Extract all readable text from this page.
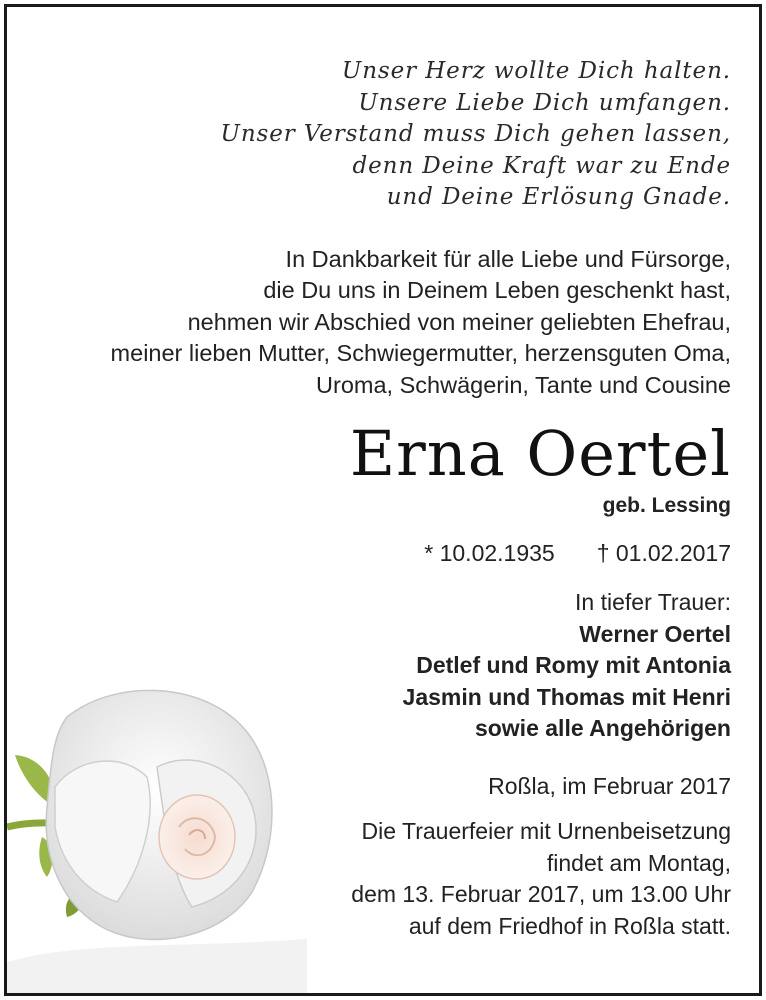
Unser Herz wollte Dich halten.
Unsere Liebe Dich umfangen.
Unser Verstand muss Dich gehen lassen,
denn Deine Kraft war zu Ende
und Deine Erlösung Gnade.
In Dankbarkeit für alle Liebe und Fürsorge,
die Du uns in Deinem Leben geschenkt hast,
nehmen wir Abschied von meiner geliebten Ehefrau,
meiner lieben Mutter, Schwiegermutter, herzensguten Oma,
Uroma, Schwägerin, Tante und Cousine
Erna Oertel
geb. Lessing
* 10.02.1935 † 01.02.2017
In tiefer Trauer:
Werner Oertel
Detlef und Romy mit Antonia
Jasmin und Thomas mit Henri
sowie alle Angehörigen
Roßla, im Februar 2017
Die Trauerfeier mit Urnenbeisetzung
findet am Montag,
dem 13. Februar 2017, um 13.00 Uhr
auf dem Friedhof in Roßla statt.
